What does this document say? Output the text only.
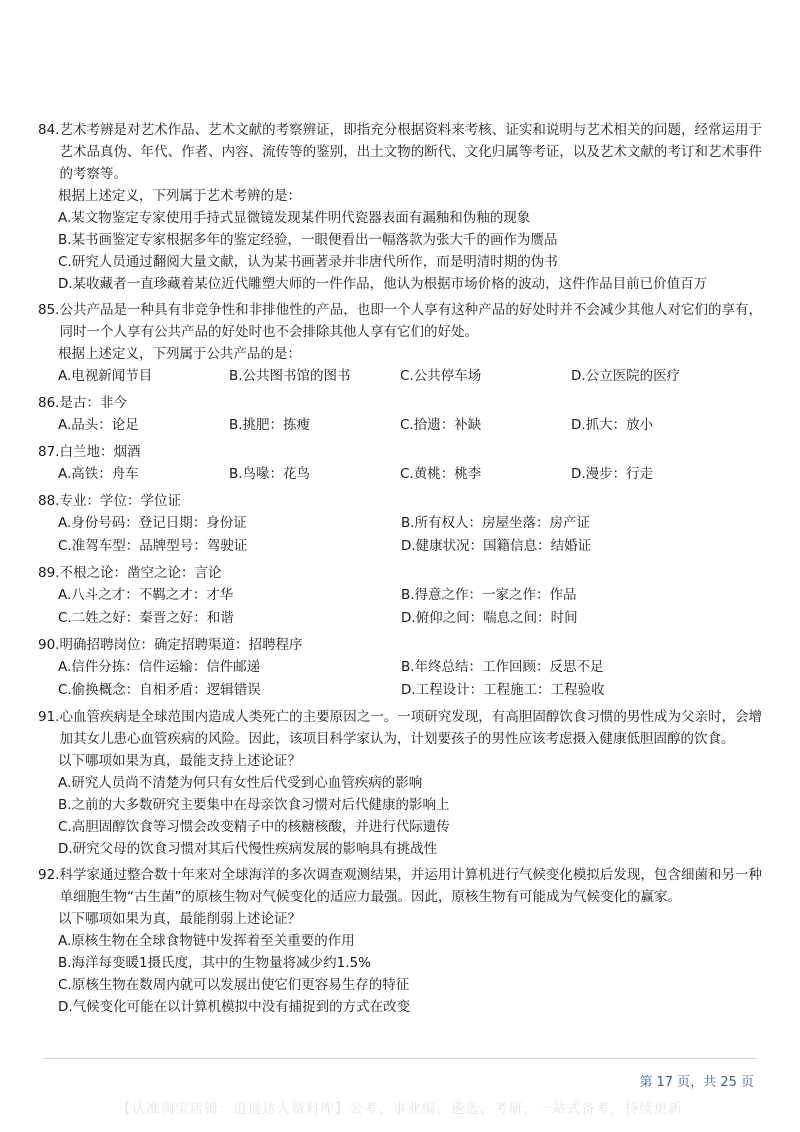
84. 艺术考辨是对艺术作品、艺术文献的考察辨证，即指充分根据资料来考核、证实和说明与艺术相关的问题，经常运用于艺术品真伪、年代、作者、内容、流传等的鉴别，出土文物的断代、文化归属等考证，以及艺术文献的考订和艺术事件的考察等。
根据上述定义，下列属于艺术考辨的是：
A.某文物鉴定专家使用手持式显微镜发现某件明代瓷器表面有漏釉和伪釉的现象
B.某书画鉴定专家根据多年的鉴定经验，一眼便看出一幅落款为张大千的画作为赝品
C.研究人员通过翻阅大量文献，认为某书画著录并非唐代所作，而是明清时期的伪书
D.某收藏者一直珍藏着某位近代雕塑大师的一件作品，他认为根据市场价格的波动，这件作品目前已价值百万
85. 公共产品是一种具有非竞争性和非排他性的产品，也即一个人享有这种产品的好处时并不会减少其他人对它们的享有，同时一个人享有公共产品的好处时也不会排除其他人享有它们的好处。
根据上述定义，下列属于公共产品的是：
A.电视新闻节目	B.公共图书馆的图书	C.公共停车场	D.公立医院的医疗
86. 是古：非今
A.品头：论足	B.挑肥：拣瘦	C.拾遗：补缺	D.抓大：放小
87. 白兰地：烟酒
A.高铁：舟车	B.鸟喙：花鸟	C.黄桃：桃李	D.漫步：行走
88. 专业：学位：学位证
A.身份号码：登记日期：身份证	B.所有权人：房屋坐落：房产证
C.准驾车型：品牌型号：驾驶证	D.健康状况：国籍信息：结婚证
89. 不根之论：凿空之论：言论
A.八斗之才：不羁之才：才华	B.得意之作：一家之作：作品
C.二姓之好：秦晋之好：和谐	D.俯仰之间：喘息之间：时间
90. 明确招聘岗位：确定招聘渠道：招聘程序
A.信件分拣：信件运输：信件邮递	B.年终总结：工作回顾：反思不足
C.偷换概念：自相矛盾：逻辑错误	D.工程设计：工程施工：工程验收
91. 心血管疾病是全球范围内造成人类死亡的主要原因之一。一项研究发现，有高胆固醇饮食习惯的男性成为父亲时，会增加其女儿患心血管疾病的风险。因此，该项目科学家认为，计划要孩子的男性应该考虑摄入健康低胆固醇的饮食。
以下哪项如果为真，最能支持上述论证？
A.研究人员尚不清楚为何只有女性后代受到心血管疾病的影响
B.之前的大多数研究主要集中在母亲饮食习惯对后代健康的影响上
C.高胆固醇饮食等习惯会改变精子中的核糖核酸，并进行代际遗传
D.研究父母的饮食习惯对其后代慢性疾病发展的影响具有挑战性
92. 科学家通过整合数十年来对全球海洋的多次调查观测结果，并运用计算机进行气候变化模拟后发现，包含细菌和另一种单细胞生物“古生菌”的原核生物对气候变化的适应力最强。因此，原核生物有可能成为气候变化的赢家。
以下哪项如果为真，最能削弱上述论证？
A.原核生物在全球食物链中发挥着至关重要的作用
B.海洋每变暖1摄氏度，其中的生物量将减少约1.5%
C.原核生物在数周内就可以发展出使它们更容易生存的特征
D.气候变化可能在以计算机模拟中没有捕捉到的方式在改变
第 17 页，共 25 页
【认准淘宝店铺：逍遥达人资料库】公考、事业编、遴选、考研，一站式备考，持续更新
